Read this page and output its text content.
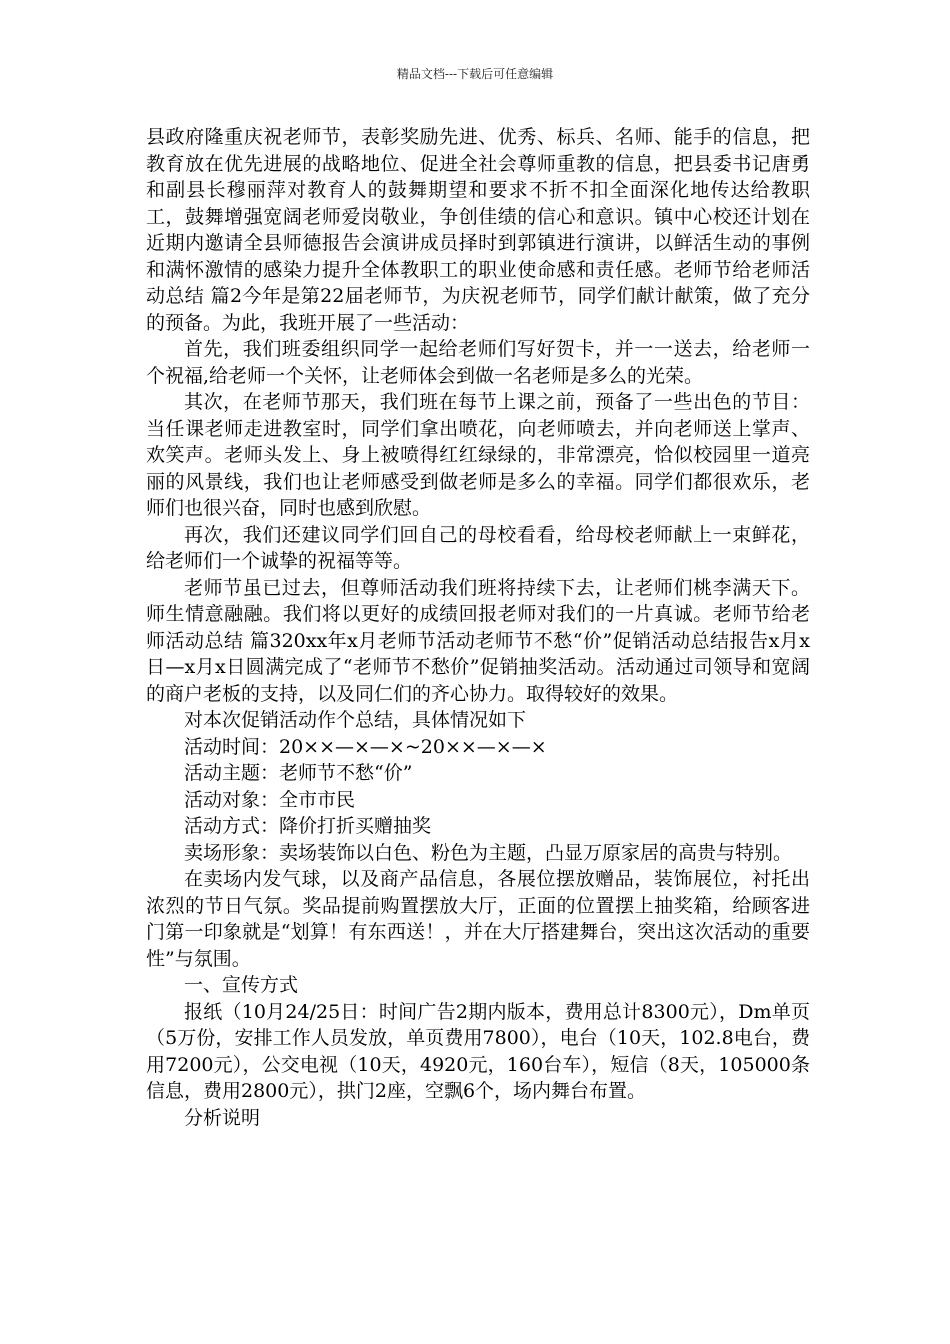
精品文档---下载后可任意编辑

县政府隆重庆祝老师节，表彰奖励先进、优秀、标兵、名师、能手的信息，把教育放在优先进展的战略地位、促进全社会尊师重教的信息，把县委书记唐勇和副县长穆丽萍对教育人的鼓舞期望和要求不折不扣全面深化地传达给教职工，鼓舞增强宽阔老师爱岗敬业，争创佳绩的信心和意识。镇中心校还计划在近期内邀请全县师德报告会演讲成员择时到郭镇进行演讲，以鲜活生动的事例和满怀激情的感染力提升全体教职工的职业使命感和责任感。老师节给老师活动总结 篇2今年是第22届老师节，为庆祝老师节，同学们献计献策，做了充分的预备。为此，我班开展了一些活动：

首先，我们班委组织同学一起给老师们写好贺卡，并一一送去，给老师一个祝福,给老师一个关怀，让老师体会到做一名老师是多么的光荣。

其次，在老师节那天，我们班在每节上课之前，预备了一些出色的节目：当任课老师走进教室时，同学们拿出喷花，向老师喷去，并向老师送上掌声、欢笑声。老师头发上、身上被喷得红红绿绿的，非常漂亮，恰似校园里一道亮丽的风景线，我们也让老师感受到做老师是多么的幸福。同学们都很欢乐，老师们也很兴奋，同时也感到欣慰。

再次，我们还建议同学们回自己的母校看看，给母校老师献上一束鲜花，给老师们一个诚挚的祝福等等。

老师节虽已过去，但尊师活动我们班将持续下去，让老师们桃李满天下。师生情意融融。我们将以更好的成绩回报老师对我们的一片真诚。老师节给老师活动总结 篇320xx年x月老师节活动老师节不愁“价”促销活动总结报告x月x日—x月x日圆满完成了“老师节不愁价”促销抽奖活动。活动通过司领导和宽阔的商户老板的支持，以及同仁们的齐心协力。取得较好的效果。

对本次促销活动作个总结，具体情况如下

活动时间：20××—×—×~20××—×—×

活动主题：老师节不愁“价”

活动对象：全市市民

活动方式：降价打折买赠抽奖

卖场形象：卖场装饰以白色、粉色为主题，凸显万原家居的高贵与特别。

在卖场内发气球，以及商产品信息，各展位摆放赠品，装饰展位，衬托出浓烈的节日气氛。奖品提前购置摆放大厅，正面的位置摆上抽奖箱，给顾客进门第一印象就是“划算！有东西送！，并在大厅搭建舞台，突出这次活动的重要性”与氛围。

一、宣传方式

报纸（10月24/25日：时间广告2期内版本，费用总计8300元），Dm单页（5万份，安排工作人员发放，单页费用7800），电台（10天，102.8电台，费用7200元），公交电视（10天，4920元，160台车），短信（8天，105000条信息，费用2800元），拱门2座，空飘6个，场内舞台布置。

分析说明
